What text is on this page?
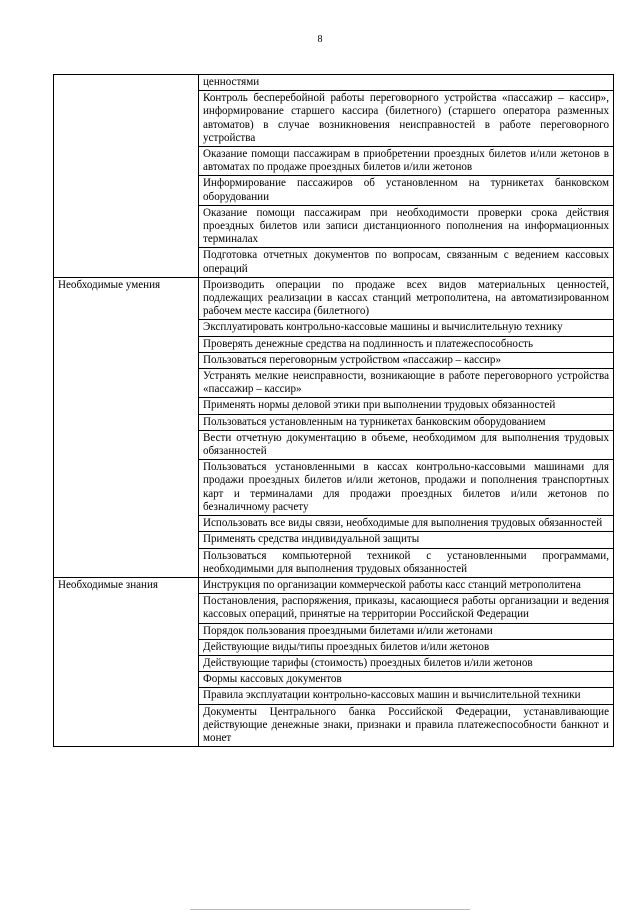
8
	ценностями
	Контроль бесперебойной работы переговорного устройства «пассажир – кассир», информирование старшего кассира (билетного) (старшего оператора разменных автоматов) в случае возникновения неисправностей в работе переговорного устройства
	Оказание помощи пассажирам в приобретении проездных билетов и/или жетонов в автоматах по продаже проездных билетов и/или жетонов
	Информирование пассажиров об установленном на турникетах банковском оборудовании
	Оказание помощи пассажирам при необходимости проверки срока действия проездных билетов или записи дистанционного пополнения на информационных терминалах
	Подготовка отчетных документов по вопросам, связанным с ведением кассовых операций
Необходимые умения	Производить операции по продаже всех видов материальных ценностей, подлежащих реализации в кассах станций метрополитена, на автоматизированном рабочем месте кассира (билетного)
	Эксплуатировать контрольно-кассовые машины и вычислительную технику
	Проверять денежные средства на подлинность и платежеспособность
	Пользоваться переговорным устройством «пассажир – кассир»
	Устранять мелкие неисправности, возникающие в работе переговорного устройства «пассажир – кассир»
	Применять нормы деловой этики при выполнении трудовых обязанностей
	Пользоваться установленным на турникетах банковским оборудованием
	Вести отчетную документацию в объеме, необходимом для выполнения трудовых обязанностей
	Пользоваться установленными в кассах контрольно-кассовыми машинами для продажи проездных билетов и/или жетонов, продажи и пополнения транспортных карт и терминалами для продажи проездных билетов и/или жетонов по безналичному расчету
	Использовать все виды связи, необходимые для выполнения трудовых обязанностей
	Применять средства индивидуальной защиты
	Пользоваться компьютерной техникой с установленными программами, необходимыми для выполнения трудовых обязанностей
Необходимые знания	Инструкция по организации коммерческой работы касс станций метрополитена
	Постановления, распоряжения, приказы, касающиеся работы организации и ведения кассовых операций, принятые на территории Российской Федерации
	Порядок пользования проездными билетами и/или жетонами
	Действующие виды/типы проездных билетов и/или жетонов
	Действующие тарифы (стоимость) проездных билетов и/или жетонов
	Формы кассовых документов
	Правила эксплуатации контрольно-кассовых машин и вычислительной техники
	Документы Центрального банка Российской Федерации, устанавливающие действующие денежные знаки, признаки и правила платежеспособности банкнот и монет
